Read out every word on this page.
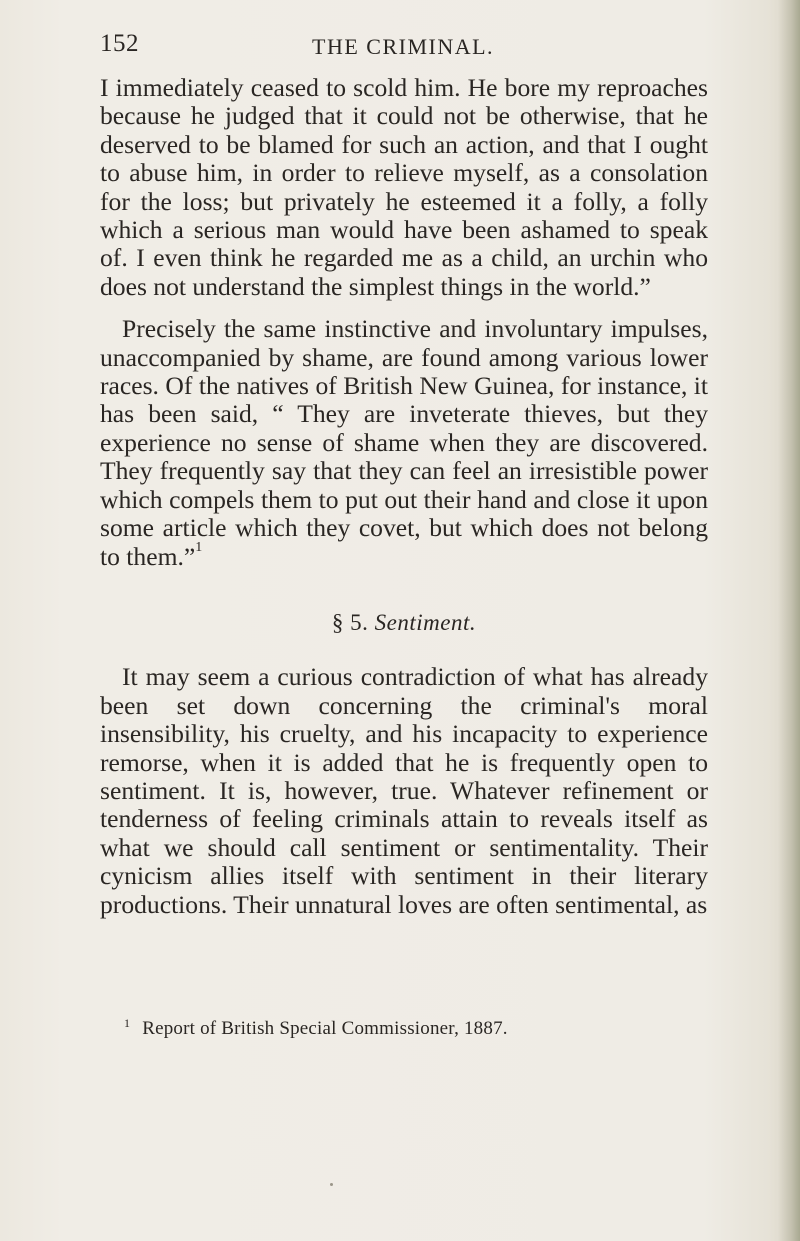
152	THE CRIMINAL.

I immediately ceased to scold him. He bore my reproaches because he judged that it could not be otherwise, that he deserved to be blamed for such an action, and that I ought to abuse him, in order to relieve myself, as a consolation for the loss; but privately he esteemed it a folly, a folly which a serious man would have been ashamed to speak of. I even think he regarded me as a child, an urchin who does not understand the simplest things in the world.”

Precisely the same instinctive and involuntary impulses, unaccompanied by shame, are found among various lower races. Of the natives of British New Guinea, for instance, it has been said, “ They are inveterate thieves, but they experience no sense of shame when they are discovered. They frequently say that they can feel an irresistible power which compels them to put out their hand and close it upon some article which they covet, but which does not belong to them.”$^1$

§ 5. Sentiment.

It may seem a curious contradiction of what has already been set down concerning the criminal's moral insensibility, his cruelty, and his incapacity to experience remorse, when it is added that he is frequently open to sentiment. It is, however, true. Whatever refinement or tenderness of feeling criminals attain to reveals itself as what we should call sentiment or sentimentality. Their cynicism allies itself with sentiment in their literary productions. Their unnatural loves are often sentimental, as

$^1$ Report of British Special Commissioner, 1887.
